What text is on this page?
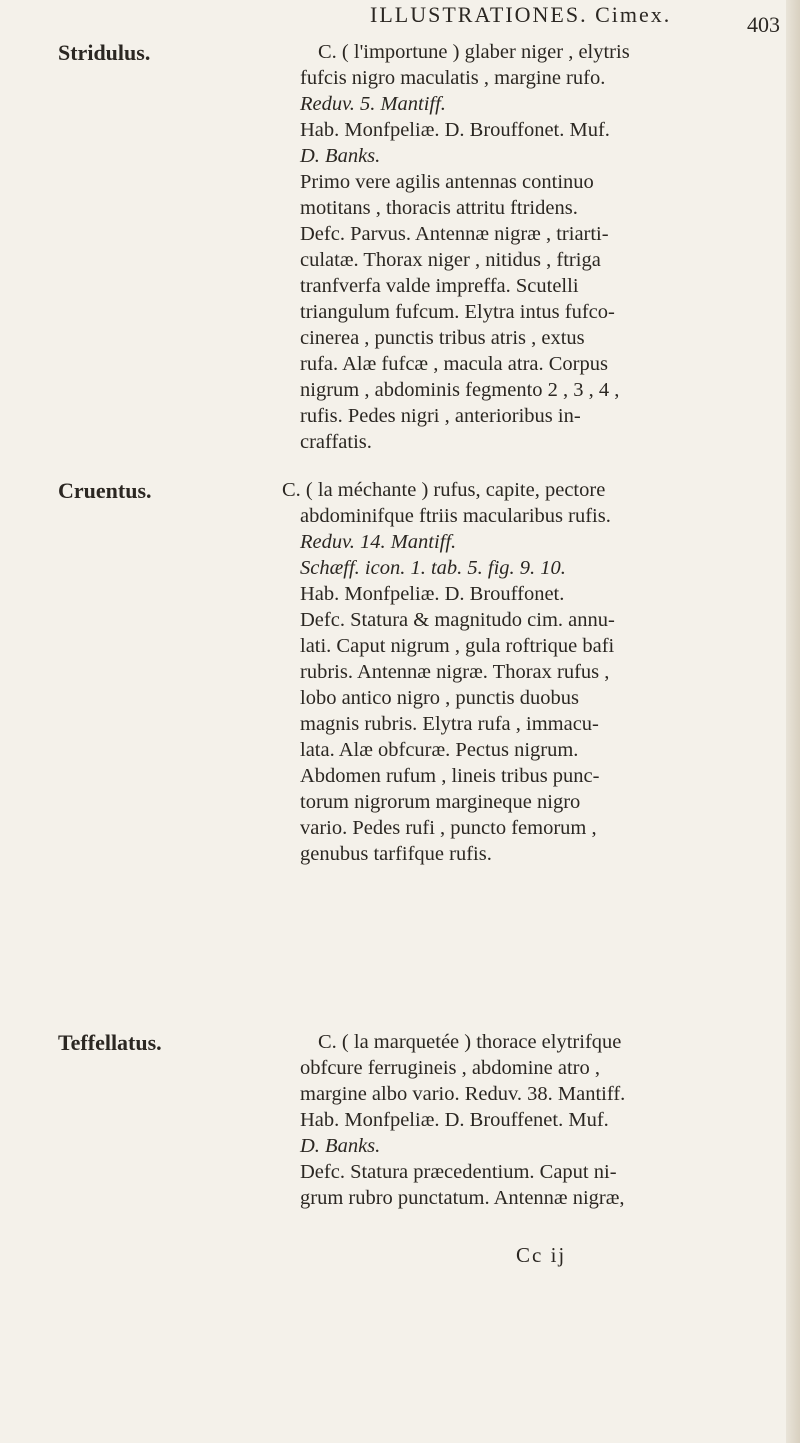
ILLUSTRATIONES. Cimex.	403
Stridulus.	C. ( l'importune ) glaber niger , elytris
fufcis nigro maculatis , margine rufo.
Reduv. 5. Mantiff.
Hab. Monfpeliæ. D. Brouffonet. Muf.
D. Banks.
Primo vere agilis antennas continuo
motitans , thoracis attritu ftridens.
Defc. Parvus. Antennæ nigræ , triarti-
culatæ. Thorax niger , nitidus , ftriga
tranfverfa valde impreffa. Scutelli
triangulum fufcum. Elytra intus fufco-
cinerea , punctis tribus atris , extus
rufa. Alæ fufcæ , macula atra. Corpus
nigrum , abdominis fegmento 2 , 3 , 4 ,
rufis. Pedes nigri , anterioribus in-
craffatis.
Cruentus.	C. ( la méchante ) rufus, capite, pectore
abdominifque ftriis macularibus rufis.
Reduv. 14. Mantiff.
Schæff. icon. 1. tab. 5. fig. 9. 10.
Hab. Monfpeliæ. D. Brouffonet.
Defc. Statura & magnitudo cim. annu-
lati. Caput nigrum , gula roftrique bafi
rubris. Antennæ nigræ. Thorax rufus ,
lobo antico nigro , punctis duobus
magnis rubris. Elytra rufa , immacu-
lata. Alæ obfcuræ. Pectus nigrum.
Abdomen rufum , lineis tribus punc-
torum nigrorum margineque nigro
vario. Pedes rufi , puncto femorum ,
genubus tarfifque rufis.
Teffellatus.	C. ( la marquetée ) thorace elytrifque
obfcure ferrugineis , abdomine atro ,
margine albo vario. Reduv. 38. Mantiff.
Hab. Monfpeliæ. D. Brouffenet. Muf.
D. Banks.
Defc. Statura præcedentium. Caput ni-
grum rubro punctatum. Antennæ nigræ,
Cc ij
